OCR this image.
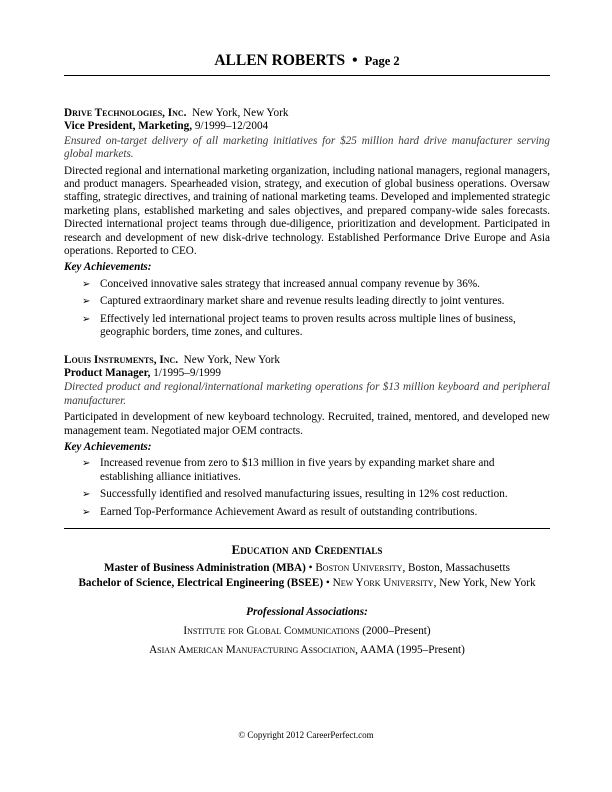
ALLEN ROBERTS • Page 2
Drive Technologies, Inc. New York, New York
Vice President, Marketing, 9/1999–12/2004
Ensured on-target delivery of all marketing initiatives for $25 million hard drive manufacturer serving global markets.
Directed regional and international marketing organization, including national managers, regional managers, and product managers. Spearheaded vision, strategy, and execution of global business operations. Oversaw staffing, strategic directives, and training of national marketing teams. Developed and implemented strategic marketing plans, established marketing and sales objectives, and prepared company-wide sales forecasts. Directed international project teams through due-diligence, prioritization and development. Participated in research and development of new disk-drive technology. Established Performance Drive Europe and Asia operations. Reported to CEO.
Key Achievements:
➢ Conceived innovative sales strategy that increased annual company revenue by 36%.
➢ Captured extraordinary market share and revenue results leading directly to joint ventures.
➢ Effectively led international project teams to proven results across multiple lines of business, geographic borders, time zones, and cultures.
Louis Instruments, Inc. New York, New York
Product Manager, 1/1995–9/1999
Directed product and regional/international marketing operations for $13 million keyboard and peripheral manufacturer.
Participated in development of new keyboard technology. Recruited, trained, mentored, and developed new management team. Negotiated major OEM contracts.
Key Achievements:
➢ Increased revenue from zero to $13 million in five years by expanding market share and establishing alliance initiatives.
➢ Successfully identified and resolved manufacturing issues, resulting in 12% cost reduction.
➢ Earned Top-Performance Achievement Award as result of outstanding contributions.
Education and Credentials
Master of Business Administration (MBA) • Boston University, Boston, Massachusetts
Bachelor of Science, Electrical Engineering (BSEE) • New York University, New York, New York
Professional Associations:
Institute for Global Communications (2000–Present)
Asian American Manufacturing Association, AAMA (1995–Present)
© Copyright 2012 CareerPerfect.com
